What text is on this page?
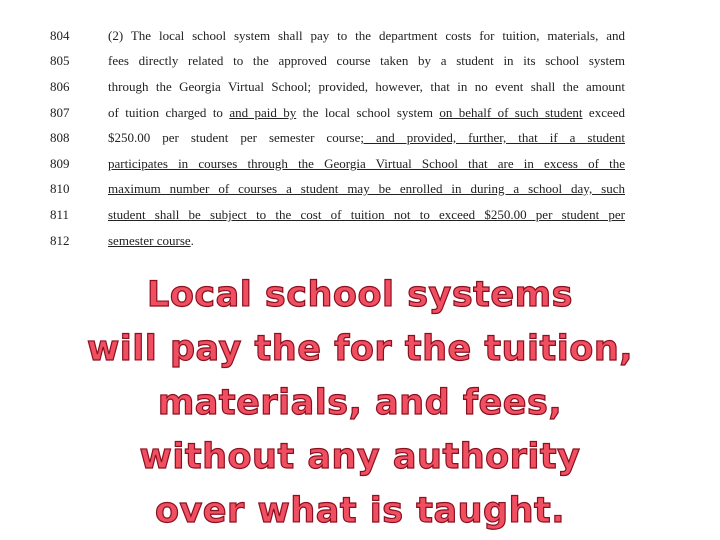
804	(2) The local school system shall pay to the department costs for tuition, materials, and
805	fees directly related to the approved course taken by a student in its school system
806	through the Georgia Virtual School; provided, however, that in no event shall the amount
807	of tuition charged to and paid by the local school system on behalf of such student exceed
808	$250.00 per student per semester course; and provided, further, that if a student
809	participates in courses through the Georgia Virtual School that are in excess of the
810	maximum number of courses a student may be enrolled in during a school day, such
811	student shall be subject to the cost of tuition not to exceed $250.00 per student per
812	semester course.
Local school systems
will pay the for the tuition,
materials, and fees,
without any authority
over what is taught.
